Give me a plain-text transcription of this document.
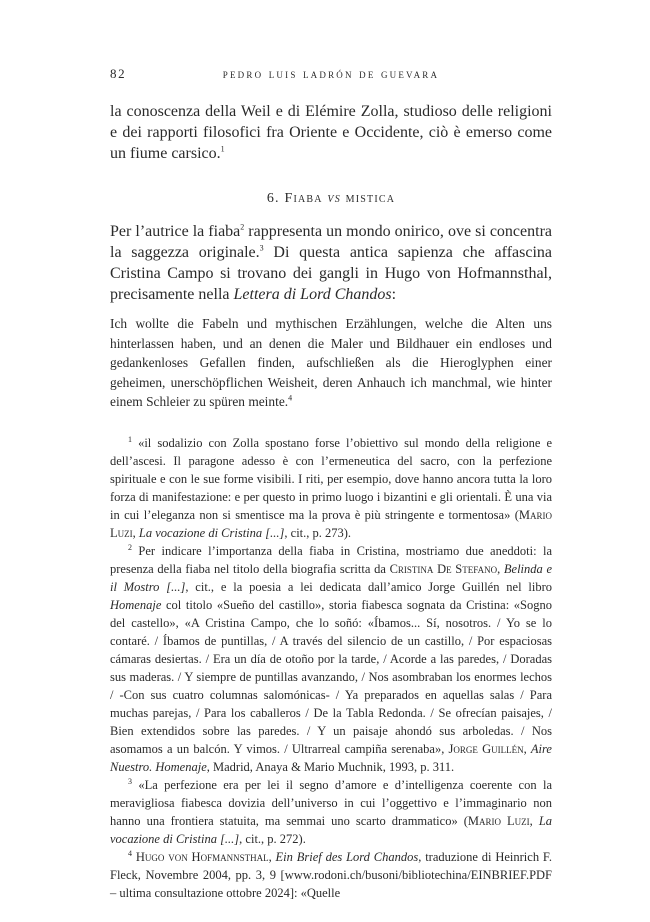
82	pedro luis ladrón de guevara

la conoscenza della Weil e di Elémire Zolla, studioso delle religioni e dei rapporti filosofici fra Oriente e Occidente, ciò è emerso come un fiume carsico.$^1$

6. Fiaba vs mistica

Per l’autrice la fiaba$^2$ rappresenta un mondo onirico, ove si concentra la saggezza originale.$^3$ Di questa antica sapienza che affascina Cristina Campo si trovano dei gangli in Hugo von Hofmannsthal, precisamente nella Lettera di Lord Chandos:

Ich wollte die Fabeln und mythischen Erzählungen, welche die Alten uns hinterlassen haben, und an denen die Maler und Bildhauer ein endloses und gedankenloses Gefallen finden, aufschließen als die Hieroglyphen einer geheimen, unerschöpflichen Weisheit, deren Anhauch ich manchmal, wie hinter einem Schleier zu spüren meinte.$^4$

$^1$ «il sodalizio con Zolla spostano forse l’obiettivo sul mondo della religione e dell’ascesi. Il paragone adesso è con l’ermeneutica del sacro, con la perfezione spirituale e con le sue forme visibili. I riti, per esempio, dove hanno ancora tutta la loro forza di manifestazione: e per questo in primo luogo i bizantini e gli orientali. È una via in cui l’eleganza non si smentisce ma la prova è più stringente e tormentosa» (Mario Luzi, La vocazione di Cristina [...], cit., p. 273).

$^2$ Per indicare l’importanza della fiaba in Cristina, mostriamo due aneddoti: la presenza della fiaba nel titolo della biografia scritta da Cristina De Stefano, Belinda e il Mostro [...], cit., e la poesia a lei dedicata dall’amico Jorge Guillén nel libro Homenaje col titolo «Sueño del castillo», storia fiabesca sognata da Cristina: «Sogno del castello», «A Cristina Campo, che lo soñó: «Íbamos... Sí, nosotros. / Yo se lo contaré. / Íbamos de puntillas, / A través del silencio de un castillo, / Por espaciosas cámaras desiertas. / Era un día de otoño por la tarde, / Acorde a las paredes, / Doradas sus maderas. / Y siempre de puntillas avanzando, / Nos asombraban los enormes lechos / -Con sus cuatro columnas salomónicas- / Ya preparados en aquellas salas / Para muchas parejas, / Para los caballeros / De la Tabla Redonda. / Se ofrecían paisajes, / Bien extendidos sobre las paredes. / Y un paisaje ahondó sus arboledas. / Nos asomamos a un balcón. Y vimos. / Ultrarreal campiña serenaba», Jorge Guillén, Aire Nuestro. Homenaje, Madrid, Anaya & Mario Muchnik, 1993, p. 311.

$^3$ «La perfezione era per lei il segno d’amore e d’intelligenza coerente con la meravigliosa fiabesca dovizia dell’universo in cui l’oggettivo e l’immaginario non hanno una frontiera statuita, ma semmai uno scarto drammatico» (Mario Luzi, La vocazione di Cristina [...], cit., p. 272).

$^4$ Hugo von Hofmannsthal, Ein Brief des Lord Chandos, traduzione di Heinrich F. Fleck, Novembre 2004, pp. 3, 9 [www.rodoni.ch/busoni/bibliotechina/EINBRIEF.PDF – ultima consultazione ottobre 2024]: «Quelle
